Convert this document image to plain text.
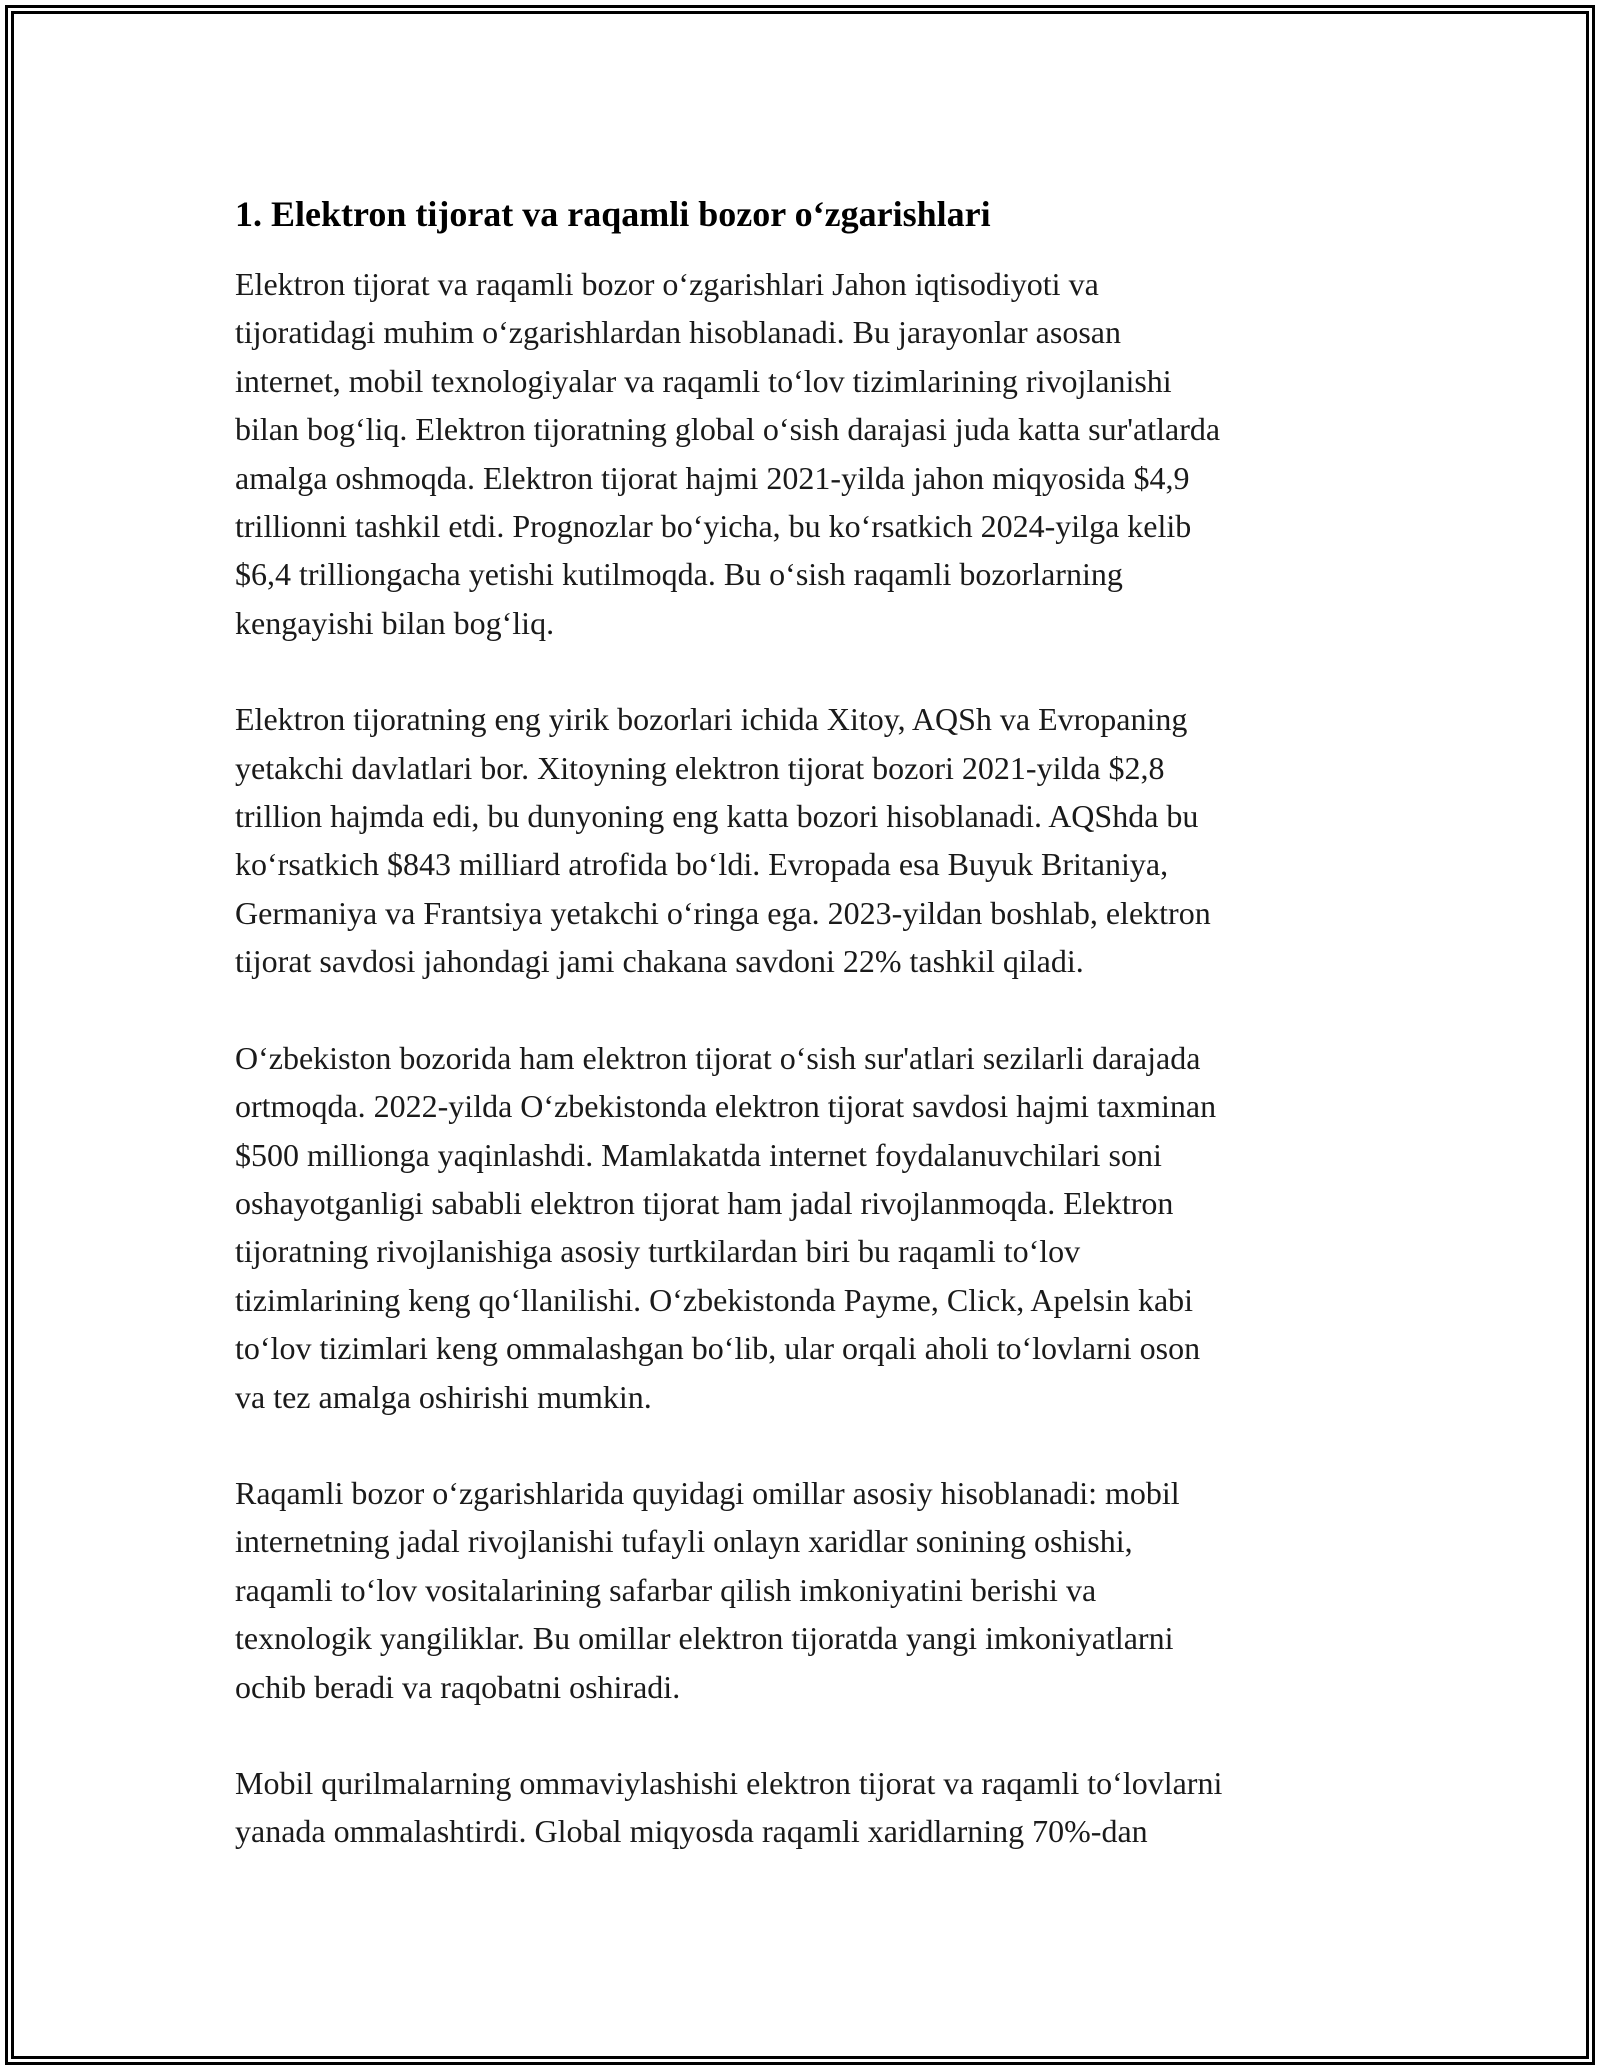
1. Elektron tijorat va raqamli bozor o‘zgarishlari

Elektron tijorat va raqamli bozor o‘zgarishlari Jahon iqtisodiyoti va
tijoratidagi muhim o‘zgarishlardan hisoblanadi. Bu jarayonlar asosan
internet, mobil texnologiyalar va raqamli to‘lov tizimlarining rivojlanishi
bilan bog‘liq. Elektron tijoratning global o‘sish darajasi juda katta sur'atlarda
amalga oshmoqda. Elektron tijorat hajmi 2021-yilda jahon miqyosida $4,9
trillionni tashkil etdi. Prognozlar bo‘yicha, bu ko‘rsatkich 2024-yilga kelib
$6,4 trilliongacha yetishi kutilmoqda. Bu o‘sish raqamli bozorlarning
kengayishi bilan bog‘liq.

Elektron tijoratning eng yirik bozorlari ichida Xitoy, AQSh va Evropaning
yetakchi davlatlari bor. Xitoyning elektron tijorat bozori 2021-yilda $2,8
trillion hajmda edi, bu dunyoning eng katta bozori hisoblanadi. AQShda bu
ko‘rsatkich $843 milliard atrofida bo‘ldi. Evropada esa Buyuk Britaniya,
Germaniya va Frantsiya yetakchi o‘ringa ega. 2023-yildan boshlab, elektron
tijorat savdosi jahondagi jami chakana savdoni 22% tashkil qiladi.

O‘zbekiston bozorida ham elektron tijorat o‘sish sur'atlari sezilarli darajada
ortmoqda. 2022-yilda O‘zbekistonda elektron tijorat savdosi hajmi taxminan
$500 millionga yaqinlashdi. Mamlakatda internet foydalanuvchilari soni
oshayotganligi sababli elektron tijorat ham jadal rivojlanmoqda. Elektron
tijoratning rivojlanishiga asosiy turtkilardan biri bu raqamli to‘lov
tizimlarining keng qo‘llanilishi. O‘zbekistonda Payme, Click, Apelsin kabi
to‘lov tizimlari keng ommalashgan bo‘lib, ular orqali aholi to‘lovlarni oson
va tez amalga oshirishi mumkin.

Raqamli bozor o‘zgarishlarida quyidagi omillar asosiy hisoblanadi: mobil
internetning jadal rivojlanishi tufayli onlayn xaridlar sonining oshishi,
raqamli to‘lov vositalarining safarbar qilish imkoniyatini berishi va
texnologik yangiliklar. Bu omillar elektron tijoratda yangi imkoniyatlarni
ochib beradi va raqobatni oshiradi.

Mobil qurilmalarning ommaviylashishi elektron tijorat va raqamli to‘lovlarni
yanada ommalashtirdi. Global miqyosda raqamli xaridlarning 70%-dan
